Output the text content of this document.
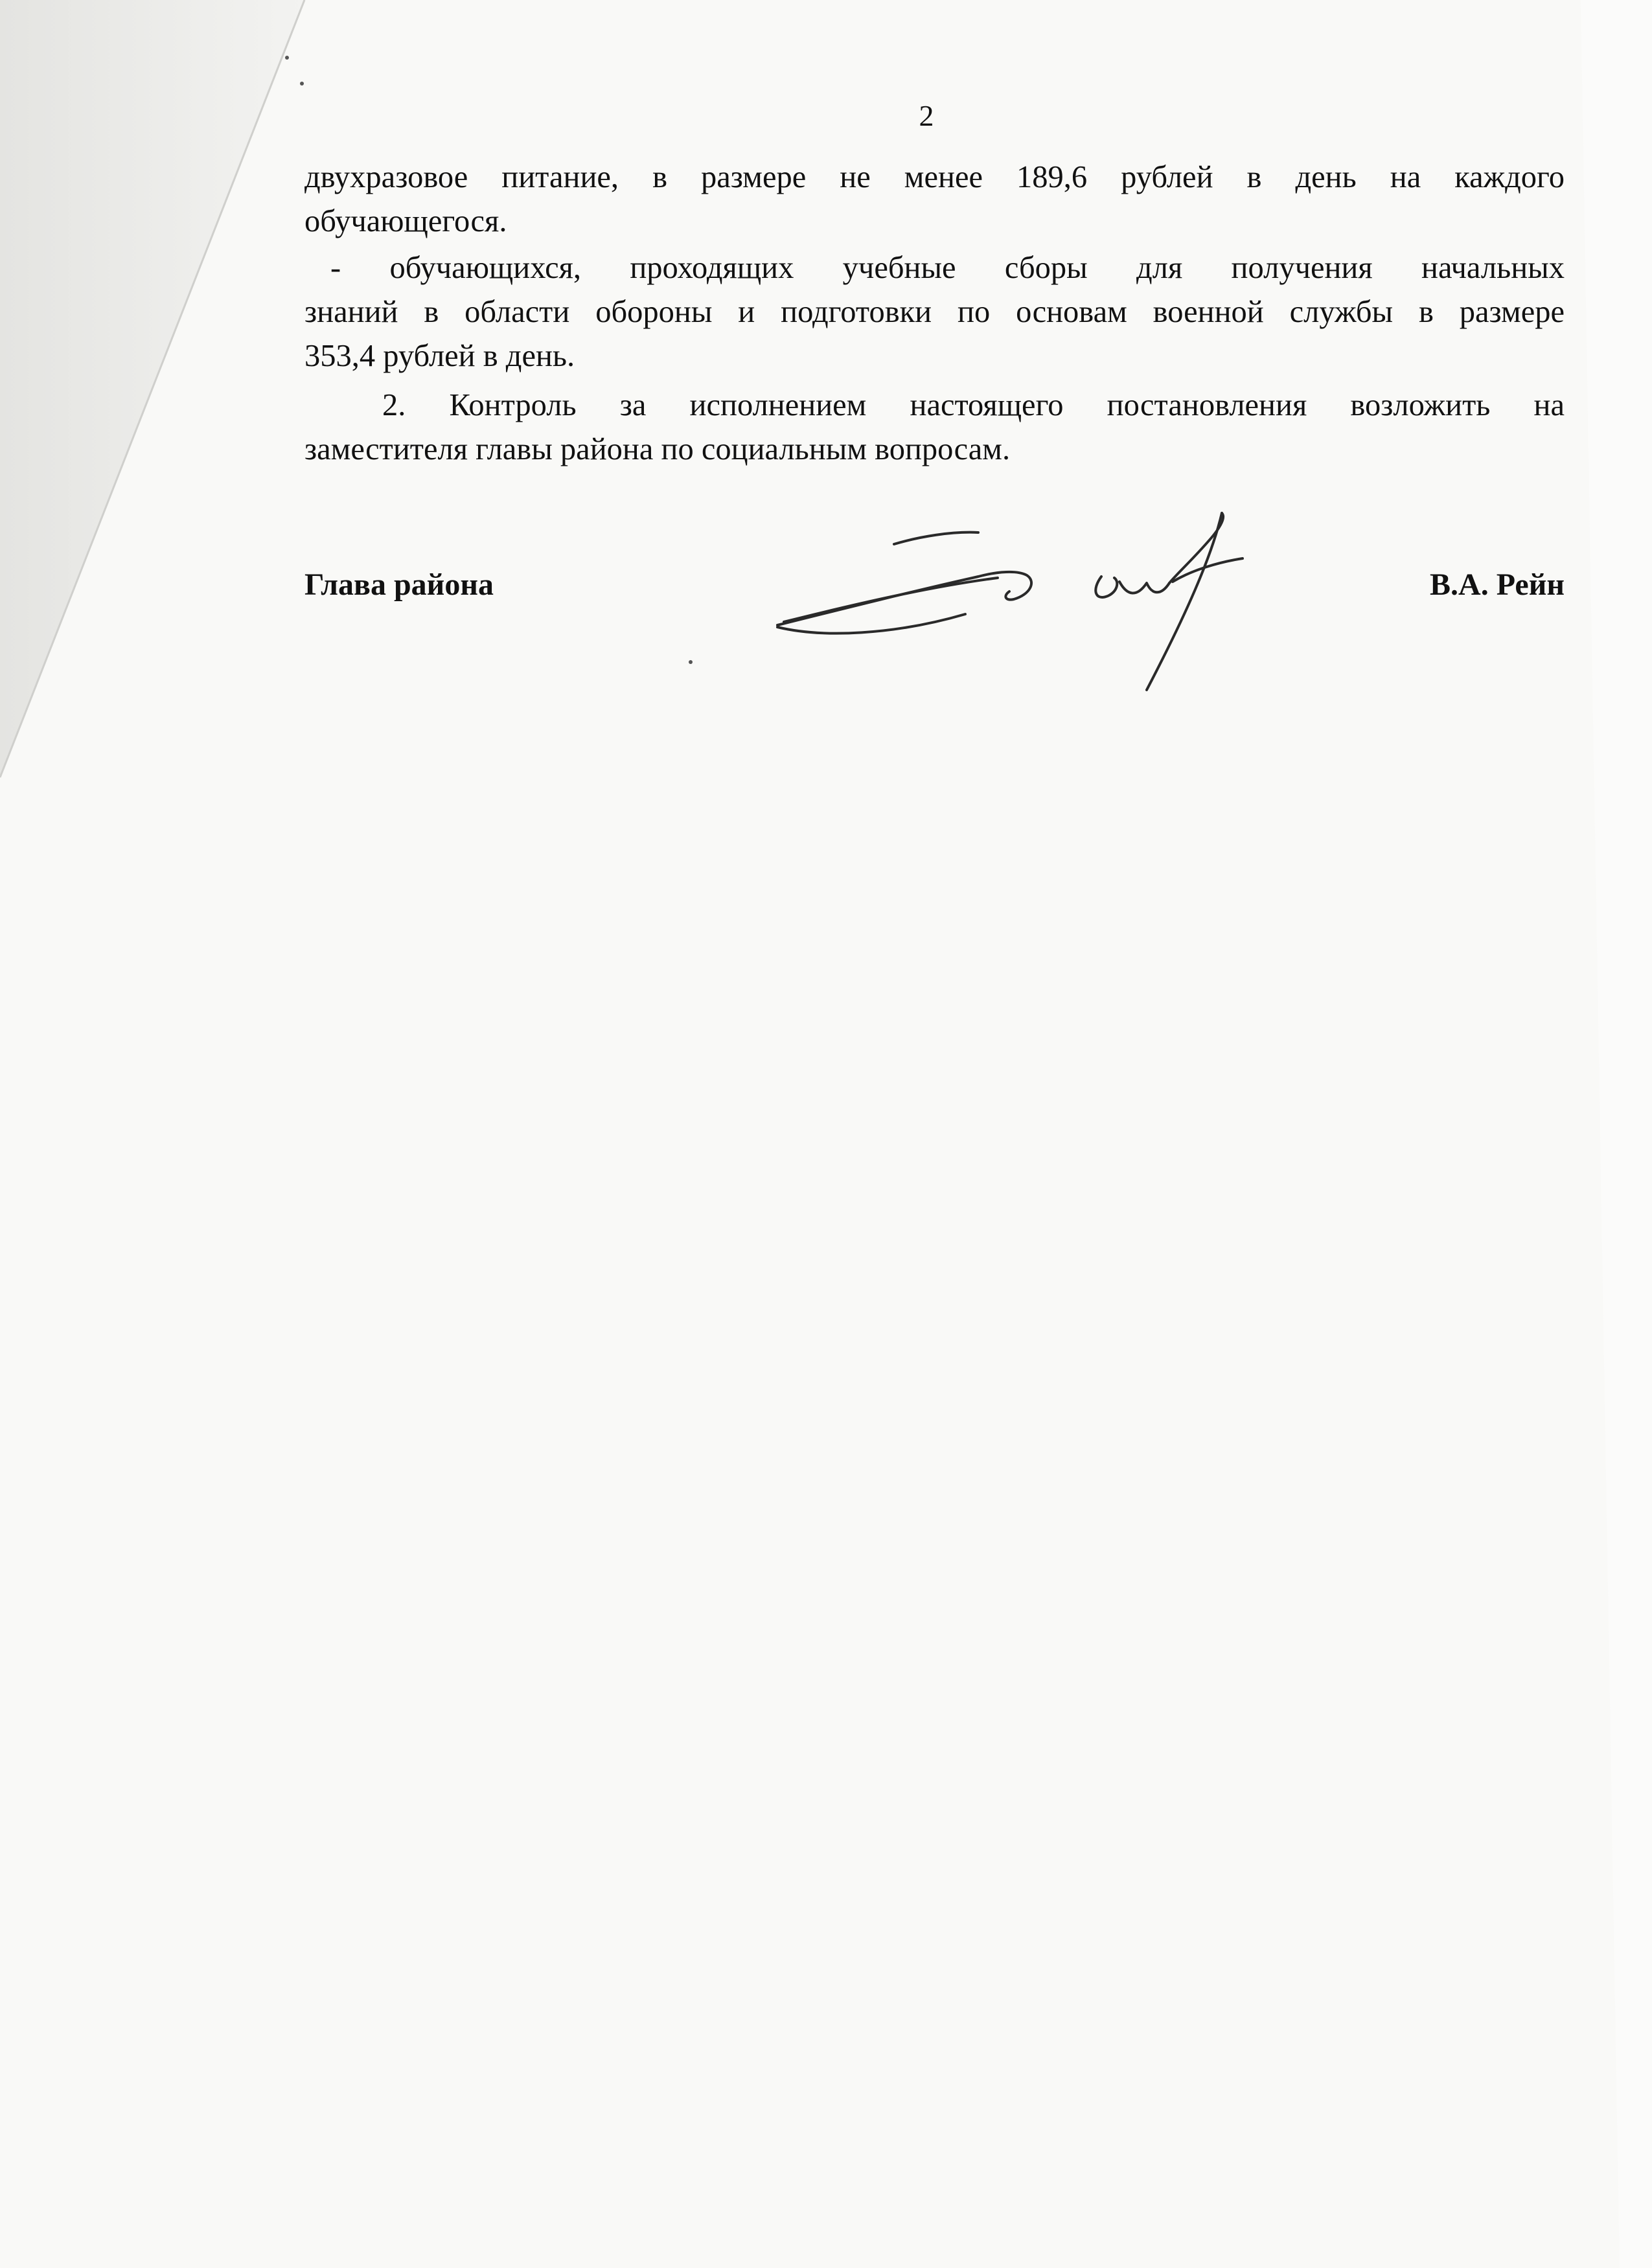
2
двухразовое питание, в размере не менее 189,6 рублей в день на каждого
обучающегося.
- обучающихся, проходящих учебные сборы для получения начальных
знаний в области обороны и подготовки по основам военной службы в размере
353,4 рублей в день.
2. Контроль за исполнением настоящего постановления возложить на
заместителя главы района по социальным вопросам.
Глава района	В.А. Рейн
